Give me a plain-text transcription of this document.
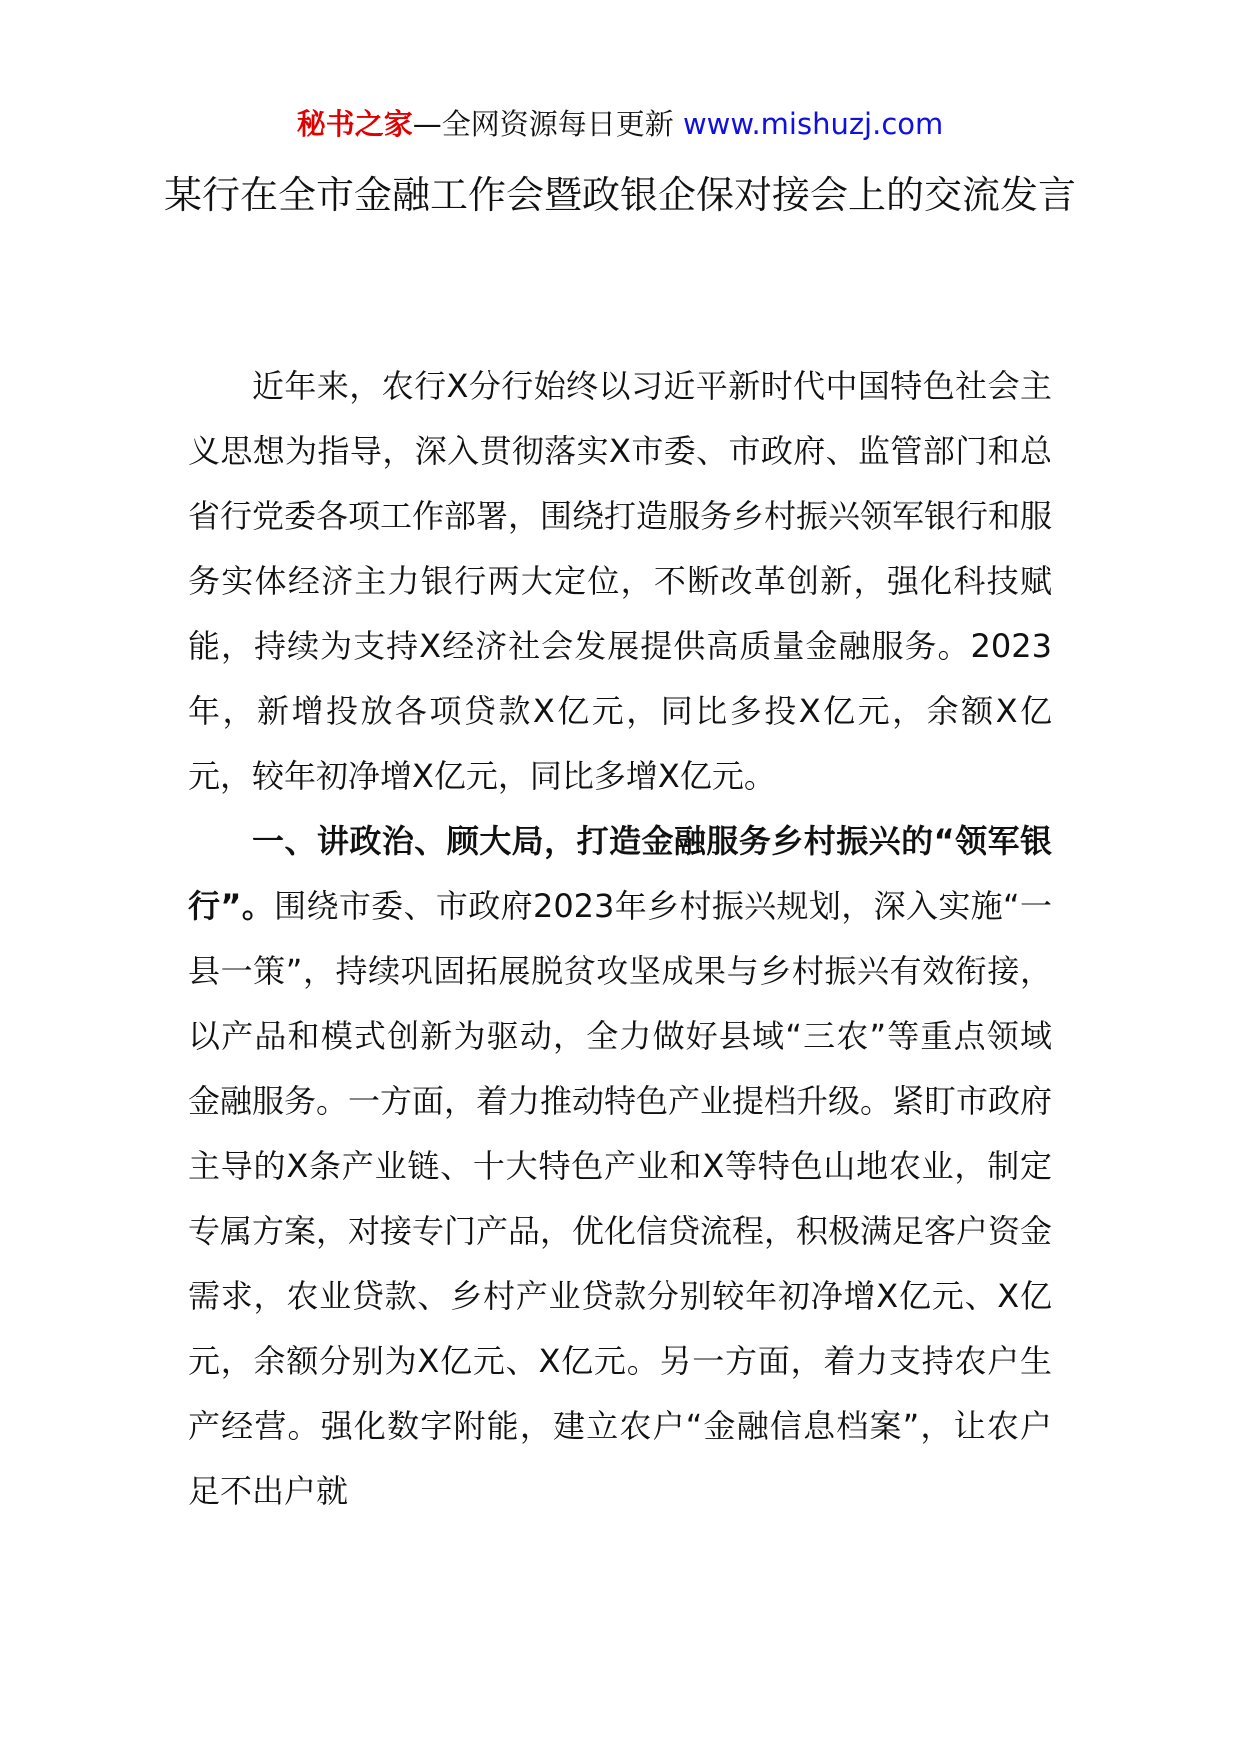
秘书之家—全网资源每日更新 www.mishuzj.com
某行在全市金融工作会暨政银企保对接会上的交流发言

近年来，农行X分行始终以习近平新时代中国特色社会主义思想为指导，深入贯彻落实X市委、市政府、监管部门和总省行党委各项工作部署，围绕打造服务乡村振兴领军银行和服务实体经济主力银行两大定位，不断改革创新，强化科技赋能，持续为支持X经济社会发展提供高质量金融服务。2023年，新增投放各项贷款X亿元，同比多投X亿元，余额X亿元，较年初净增X亿元，同比多增X亿元。

一、讲政治、顾大局，打造金融服务乡村振兴的“领军银行”。围绕市委、市政府2023年乡村振兴规划，深入实施“一县一策”，持续巩固拓展脱贫攻坚成果与乡村振兴有效衔接，以产品和模式创新为驱动，全力做好县域“三农”等重点领域金融服务。一方面，着力推动特色产业提档升级。紧盯市政府主导的X条产业链、十大特色产业和X等特色山地农业，制定专属方案，对接专门产品，优化信贷流程，积极满足客户资金需求，农业贷款、乡村产业贷款分别较年初净增X亿元、X亿元，余额分别为X亿元、X亿元。另一方面，着力支持农户生产经营。强化数字附能，建立农户“金融信息档案”，让农户足不出户就
